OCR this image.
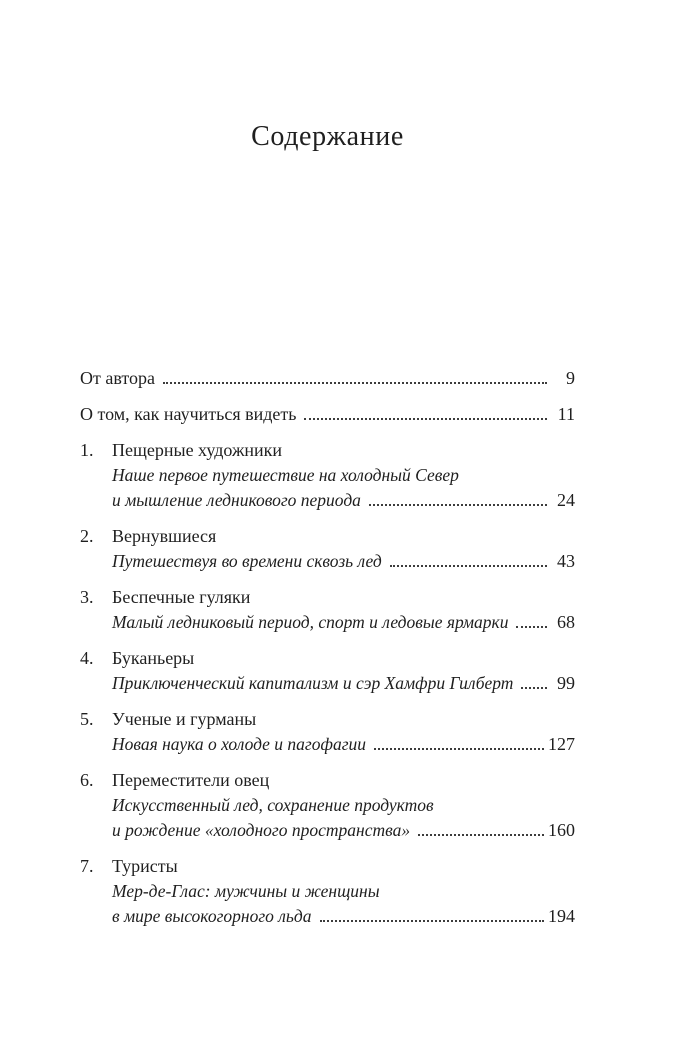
Содержание
От автора	9
О том, как научиться видеть	11
1.	Пещерные художники
Наше первое путешествие на холодный Север
и мышление ледникового периода	24
2.	Вернувшиеся
Путешествуя во времени сквозь лед	43
3.	Беспечные гуляки
Малый ледниковый период, спорт и ледовые ярмарки	68
4.	Буканьеры
Приключенческий капитализм и сэр Хамфри Гилберт	99
5.	Ученые и гурманы
Новая наука о холоде и пагофагии	127
6.	Переместители овец
Искусственный лед, сохранение продуктов
и рождение «холодного пространства»	160
7.	Туристы
Мер-де-Глас: мужчины и женщины
в мире высокогорного льда	194
